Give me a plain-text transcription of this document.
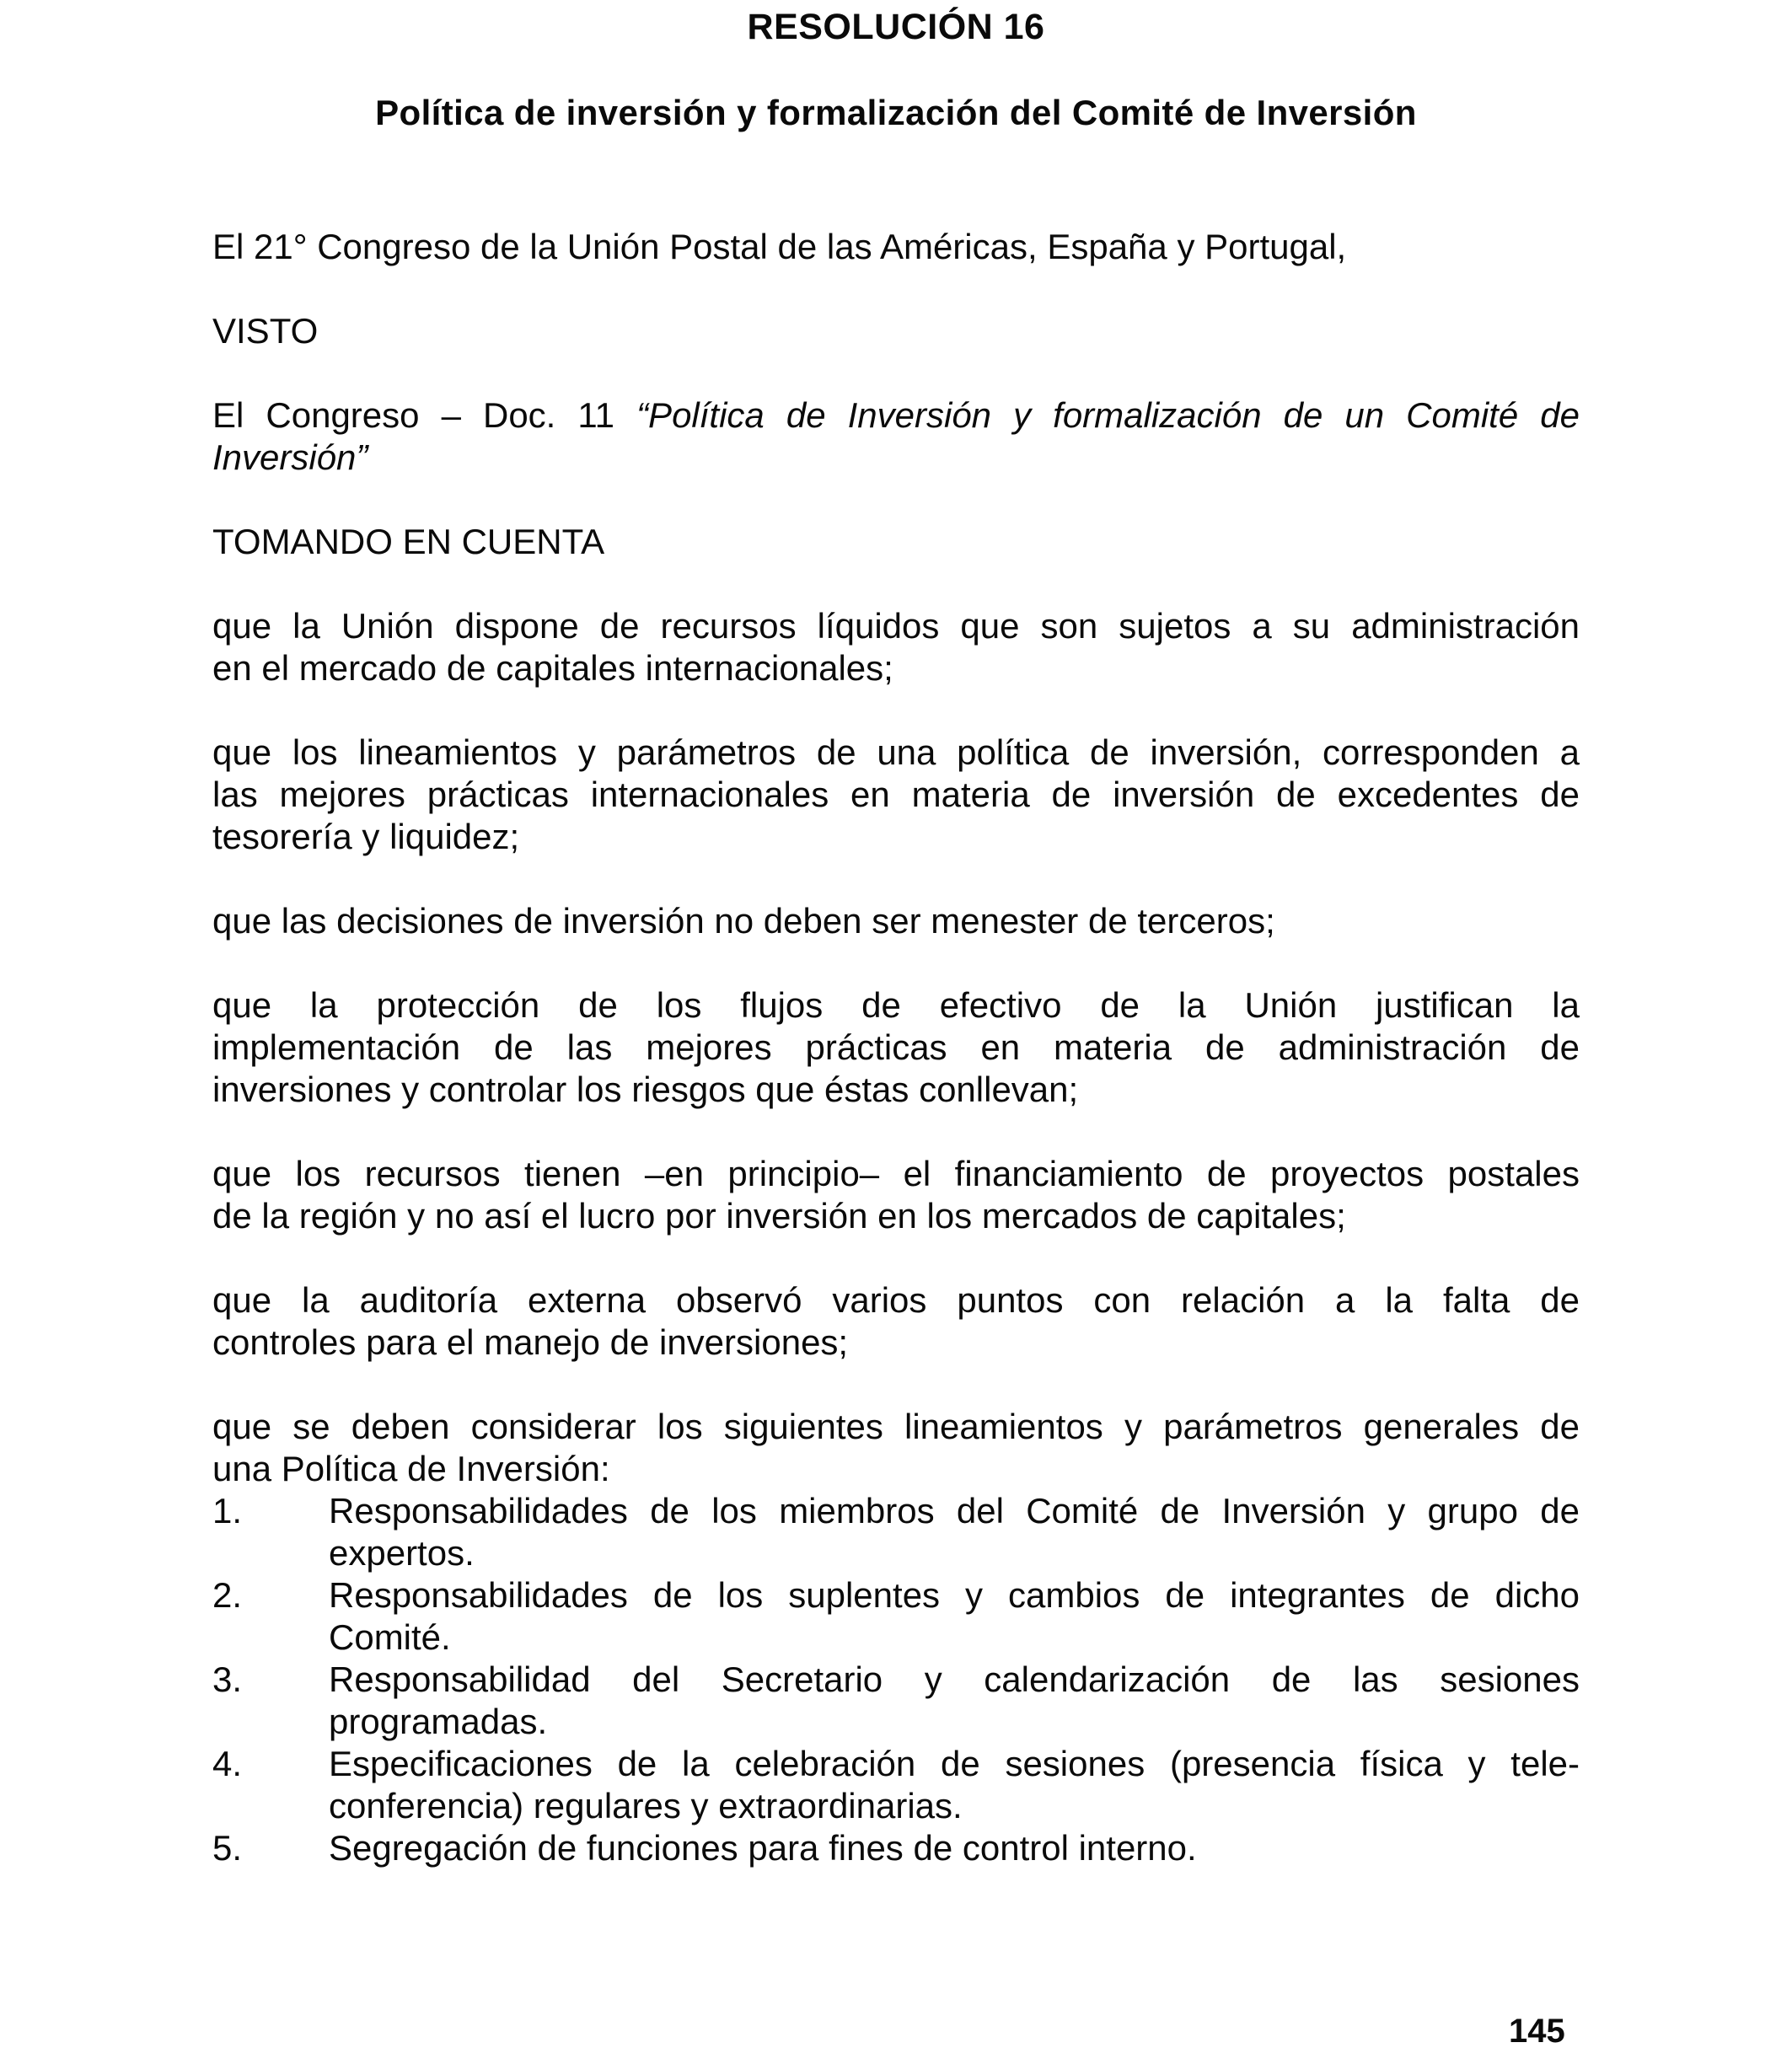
RESOLUCIÓN 16
Política de inversión y formalización del Comité de Inversión
El 21° Congreso de la Unión Postal de las Américas, España y Portugal,
VISTO
El Congreso – Doc. 11 “Política de Inversión y formalización de un Comité de
Inversión”
TOMANDO EN CUENTA
que la Unión dispone de recursos líquidos que son sujetos a su administración
en el mercado de capitales internacionales;
que los lineamientos y parámetros de una política de inversión, corresponden a
las mejores prácticas internacionales en materia de inversión de excedentes de
tesorería y liquidez;
que las decisiones de inversión no deben ser menester de terceros;
que la protección de los flujos de efectivo de la Unión justifican la
implementación de las mejores prácticas en materia de administración de
inversiones y controlar los riesgos que éstas conllevan;
que los recursos tienen –en principio– el financiamiento de proyectos postales
de la región y no así el lucro por inversión en los mercados de capitales;
que la auditoría externa observó varios puntos con relación a la falta de
controles para el manejo de inversiones;
que se deben considerar los siguientes lineamientos y parámetros generales de
una Política de Inversión:
1. Responsabilidades de los miembros del Comité de Inversión y grupo de
expertos.
2. Responsabilidades de los suplentes y cambios de integrantes de dicho
Comité.
3. Responsabilidad del Secretario y calendarización de las sesiones
programadas.
4. Especificaciones de la celebración de sesiones (presencia física y tele-
conferencia) regulares y extraordinarias.
5. Segregación de funciones para fines de control interno.
145
